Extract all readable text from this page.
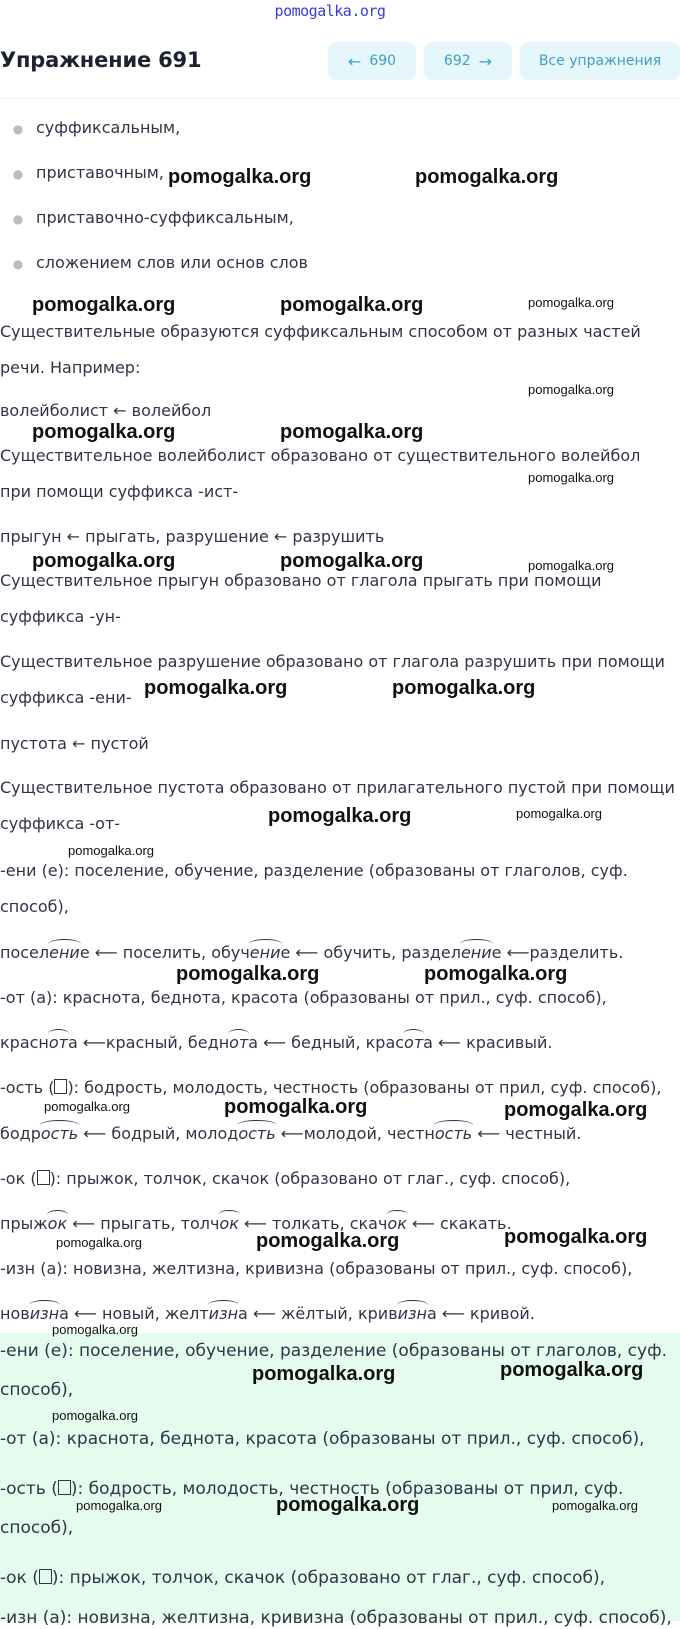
pomogalka.org
Упражнение 691	← 690	692 →	Все упражнения
● суффиксальным,
● приставочным,
● приставочно-суффиксальным,
● сложением слов или основ слов
Существительные образуются суффиксальным способом от разных частей
речи. Например:
волейболист ← волейбол
Существительное волейболист образовано от существительного волейбол
при помощи суффикса -ист-
прыгун ← прыгать, разрушение ← разрушить
Существительное прыгун образовано от глагола прыгать при помощи
суффикса -ун-
Существительное разрушение образовано от глагола разрушить при помощи
суффикса -ени-
пустота ← пустой
Существительное пустота образовано от прилагательного пустой при помощи
суффикса -от-
-ени (е): поселение, обучение, разделение (образованы от глаголов, суф.
способ),
поселение ⟵ поселить, обучение ⟵ обучить, разделение ⟵разделить.
-от (а): краснота, беднота, красота (образованы от прил., суф. способ),
краснота ⟵красный, беднота ⟵ бедный, красота ⟵ красивый.
-ость ( ): бодрость, молодость, честность (образованы от прил, суф. способ),
бодрость ⟵ бодрый, молодость ⟵молодой, честность ⟵ честный.
-ок ( ): прыжок, толчок, скачок (образовано от глаг., суф. способ),
прыжок ⟵ прыгать, толчок ⟵ толкать, скачок ⟵ скакать.
-изн (а): новизна, желтизна, кривизна (образованы от прил., суф. способ),
новизна ⟵ новый, желтизна ⟵ жёлтый, кривизна ⟵ кривой.
-ени (е): поселение, обучение, разделение (образованы от глаголов, суф.
способ),
-от (а): краснота, беднота, красота (образованы от прил., суф. способ),
-ость ( ): бодрость, молодость, честность (образованы от прил, суф.
способ),
-ок ( ): прыжок, толчок, скачок (образовано от глаг., суф. способ),
-изн (а): новизна, желтизна, кривизна (образованы от прил., суф. способ),
pomogalka.org	pomogalka.org
pomogalka.org	pomogalka.org	pomogalka.org
pomogalka.org
pomogalka.org	pomogalka.org
pomogalka.org
pomogalka.org	pomogalka.org	pomogalka.org
pomogalka.org	pomogalka.org
pomogalka.org	pomogalka.org
pomogalka.org
pomogalka.org	pomogalka.org
pomogalka.org	pomogalka.org	pomogalka.org
pomogalka.org	pomogalka.org	pomogalka.org
pomogalka.org
pomogalka.org	pomogalka.org
pomogalka.org
pomogalka.org	pomogalka.org	pomogalka.org
